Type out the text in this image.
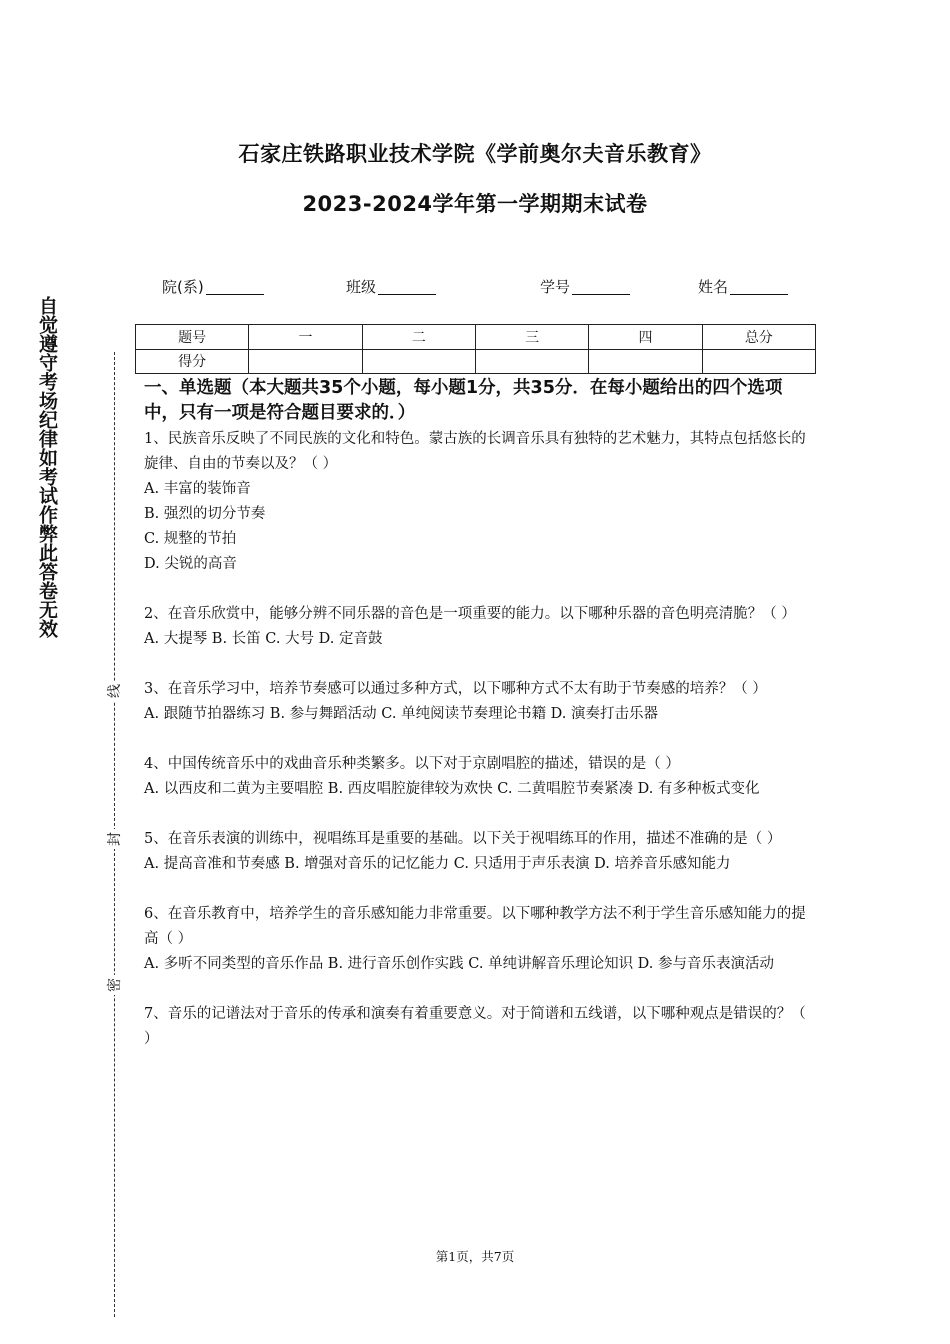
石家庄铁路职业技术学院《学前奥尔夫音乐教育》
2023-2024学年第一学期期末试卷
院(系)	班级	学号	姓名
题号	一	二	三	四	总分
得分					
自觉遵守考场纪律如考试作弊此答卷无效
线
封
密

一、单选题（本大题共35个小题，每小题1分，共35分．在每小题给出的四个选项中，只有一项是符合题目要求的．）

1、民族音乐反映了不同民族的文化和特色。蒙古族的长调音乐具有独特的艺术魅力，其特点包括悠长的旋律、自由的节奏以及？（ ）

A. 丰富的装饰音

B. 强烈的切分节奏

C. 规整的节拍

D. 尖锐的高音

2、在音乐欣赏中，能够分辨不同乐器的音色是一项重要的能力。以下哪种乐器的音色明亮清脆？（ ）

A. 大提琴 B. 长笛 C. 大号 D. 定音鼓

3、在音乐学习中，培养节奏感可以通过多种方式，以下哪种方式不太有助于节奏感的培养？（ ）

A. 跟随节拍器练习 B. 参与舞蹈活动 C. 单纯阅读节奏理论书籍 D. 演奏打击乐器

4、中国传统音乐中的戏曲音乐种类繁多。以下对于京剧唱腔的描述，错误的是（ ）

A. 以西皮和二黄为主要唱腔 B. 西皮唱腔旋律较为欢快 C. 二黄唱腔节奏紧凑 D. 有多种板式变化

5、在音乐表演的训练中，视唱练耳是重要的基础。以下关于视唱练耳的作用，描述不准确的是（ ）

A. 提高音准和节奏感 B. 增强对音乐的记忆能力 C. 只适用于声乐表演 D. 培养音乐感知能力

6、在音乐教育中，培养学生的音乐感知能力非常重要。以下哪种教学方法不利于学生音乐感知能力的提高（ ）

A. 多听不同类型的音乐作品 B. 进行音乐创作实践 C. 单纯讲解音乐理论知识 D. 参与音乐表演活动

7、音乐的记谱法对于音乐的传承和演奏有着重要意义。对于简谱和五线谱，以下哪种观点是错误的？（ ）

第1页，共7页
